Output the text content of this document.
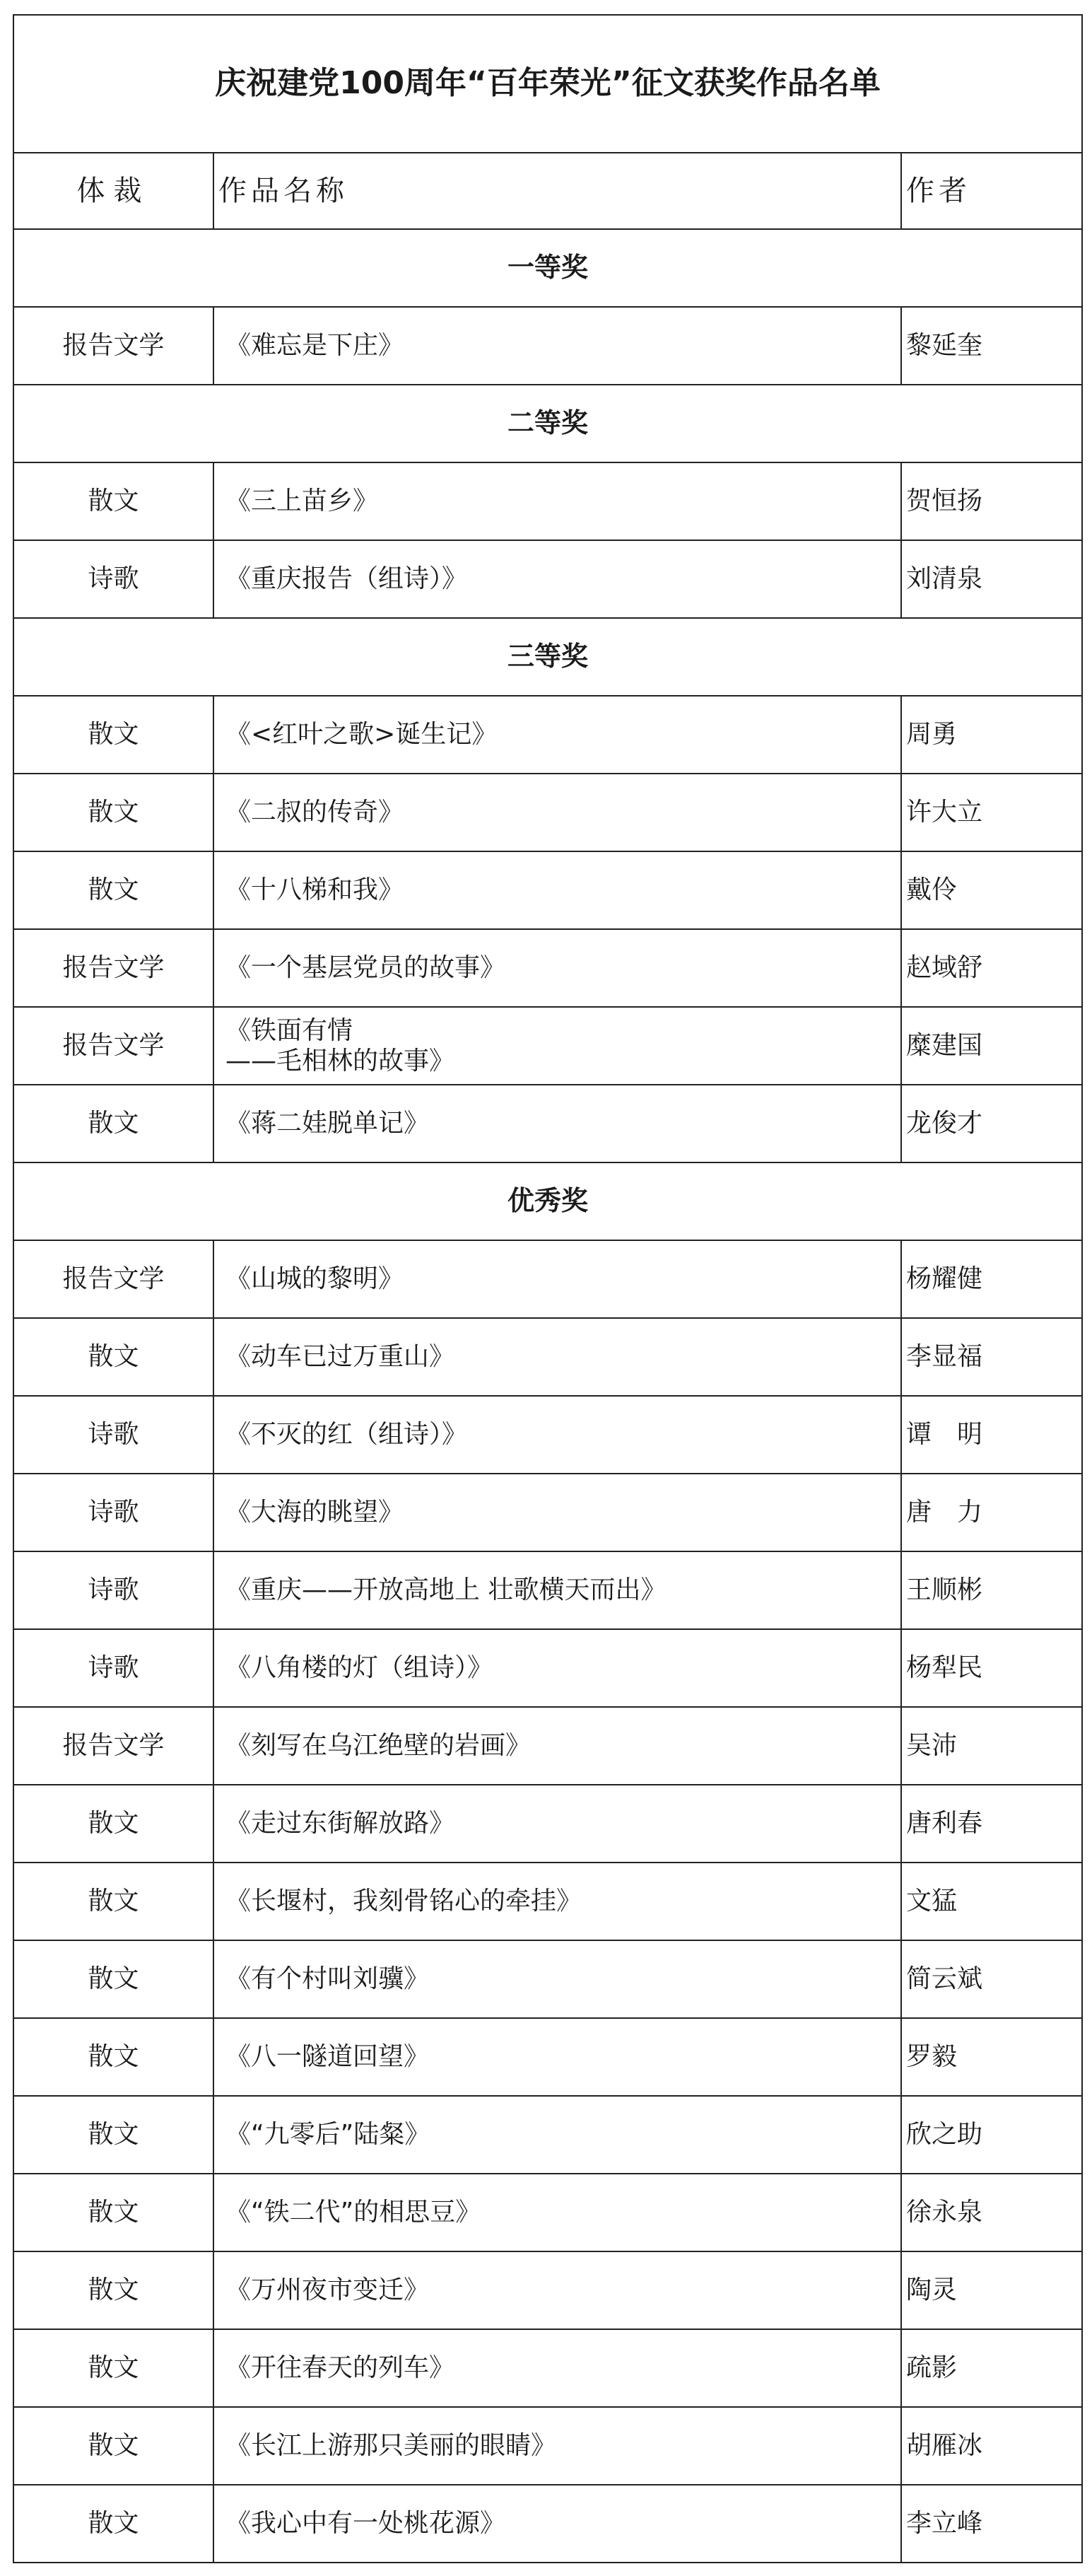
庆祝建党100周年“百年荣光”征文获奖作品名单		
体裁	作品名称	作者
一等奖		
报告文学	《难忘是下庄》	黎延奎
二等奖		
散文	《三上苗乡》	贺恒扬
诗歌	《重庆报告（组诗）》	刘清泉
三等奖		
散文	《<红叶之歌>诞生记》	周勇
散文	《二叔的传奇》	许大立
散文	《十八梯和我》	戴伶
报告文学	《一个基层党员的故事》	赵域舒
报告文学	《铁面有情
——毛相林的故事》	糜建国
散文	《蒋二娃脱单记》	龙俊才
优秀奖		
报告文学	《山城的黎明》	杨耀健
散文	《动车已过万重山》	李显福
诗歌	《不灭的红（组诗）》	谭　明
诗歌	《大海的眺望》	唐　力
诗歌	《重庆——开放高地上 壮歌横天而出》	王顺彬
诗歌	《八角楼的灯（组诗）》	杨犁民
报告文学	《刻写在乌江绝壁的岩画》	吴沛
散文	《走过东街解放路》	唐利春
散文	《长堰村，我刻骨铭心的牵挂》	文猛
散文	《有个村叫刘骥》	简云斌
散文	《八一隧道回望》	罗毅
散文	《“九零后”陆粲》	欣之助
散文	《“铁二代”的相思豆》	徐永泉
散文	《万州夜市变迁》	陶灵
散文	《开往春天的列车》	疏影
散文	《长江上游那只美丽的眼睛》	胡雁冰
散文	《我心中有一处桃花源》	李立峰
